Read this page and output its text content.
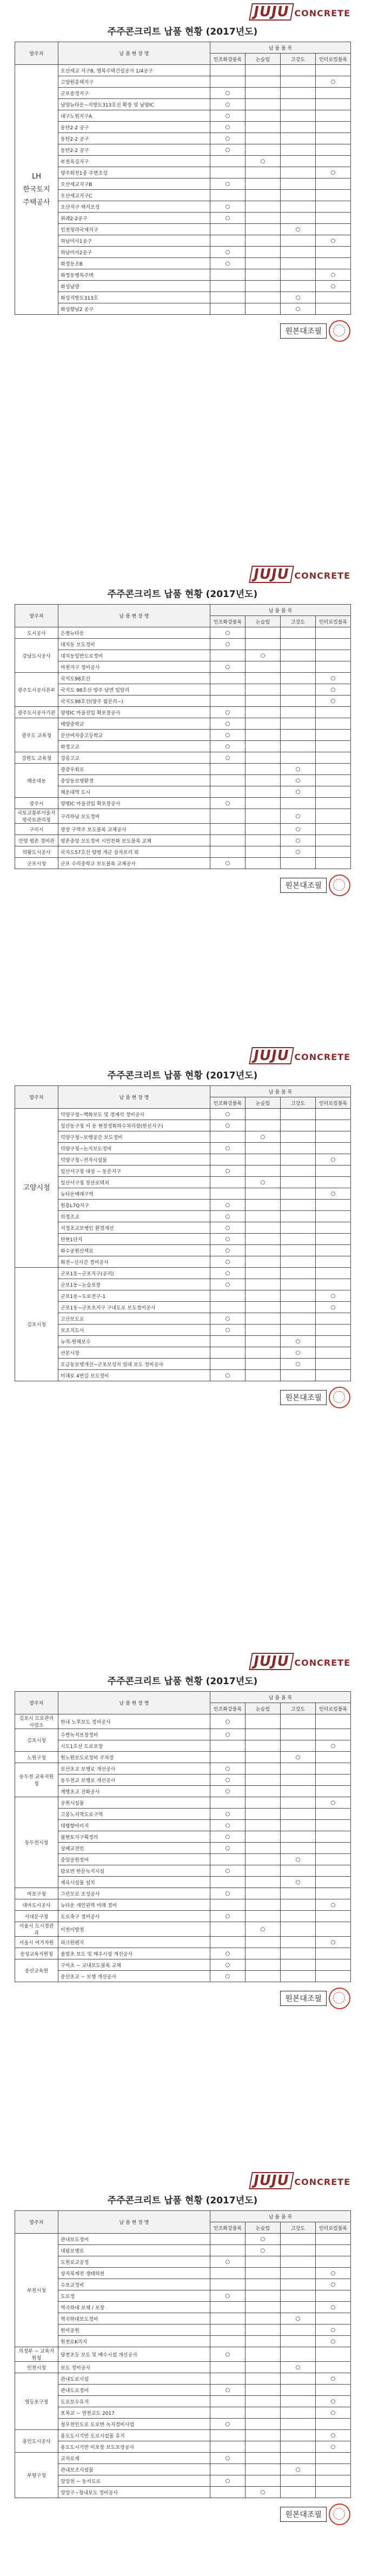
JUJU CONCRETE
주주콘크리트 납품 현황 (2017년도)
발주처	납 품 현 장 명	납 품 품 목			
		인조화강블록	논슬립	고강도	인터로킹블록
LH
한국토지
주택공사	오산세교 지구8, 행복주택건설공사 1/4공구				
	고양원흥택지구				○
	군포송정지구	○			
	남양뉴타운~지방도313호선 확장 및 남양IC	○			
	대구노원지구A	○			
	동탄2-2 공구	○			
	동탄2-2 공구	○			
	동탄2-2 공구	○			
	부천옥길지구		○		
	양주회천1중 주변조성				○
	오산세교지구B	○			
	오산세교지구C				
	오산지구 택지조성	○			
	위례2-2공구	○			
	인천청라국제지구			○	
	하남미사1공구				○
	하남미사2공구	○			
	화정동조B	○			
	화정동행복주택				○
	화성남양				○
	화성지방도313호			○	
	화성향남2 공구			○	
원본대조필
JUJU CONCRETE
주주콘크리트 납품 현황 (2017년도)
발주처	납 품 현 장 명	납 품 품 목			
		인조화강블록	논슬립	고강도	인터로킹블록
도시공사	은평뉴타운	○			
강남도시공사	대치동 보도정비	○			
	대치동일반도로정비		○		
	마천지구 정비공사	○			
광주도시공사본부	국지도98호선				○
	국지도 98호선 양주 남면 입암리				○
	국지도98호선(양주 월문리~)				○
광주도시공사기관	양평IC 마을진입 확포장공사	○			
광주도 교육청	매양중학교	○			
	문산여자중고등학교	○			
	화정고교	○			
강원도 교육청	강릉고교	○			
해운대동	광광우회로			○	
	중앙동보행환경			○	
	해운대역 도시			○	
광주시	양평IC 마을진입 확포장공사	○			
국토교통부서울지방국토관리청	구리하남 보도정비			○	
구리시	광장 구역주 보도블록 교체공사			○	
안양 평촌 경비관	평촌중앙 보도정비 시민친화 보도블록 교체			○	
의왕도시공사	국지도57호선 양평 개군 상자포리 외			○	
군포시청	군포 수리중학교 보도블록 교체공사	○			
원본대조필
JUJU CONCRETE
주주콘크리트 납품 현황 (2017년도)
발주처	납 품 현 장 명	납 품 품 목			
		인조화강블록	논슬립	고강도	인터로킹블록
고양시청	덕양구청~백화보도 및 경계석 정비공사	○			
	일산동구청 어 동 현장정화하수처리장(한선지구)	○			
	덕양구청~보행공간 보도정비		○		
	덕양구청~논지보도정비	○			
	덕양구청~전자시설물				○
	일산서구청 대상 ~ 동문지구	○			
	일산서구청 장산로텍처		○		
	뉴타운예래구역				○
	원흥L7Q지구	○			
	의정조교	○			
	서정초교보행인 환경개선	○			
	탄현1단지	○			
	화수공원산책로	○			
	화전~신사간 정비공사	○			
김포시청	군포1동~군포지구(공리)	○			
	군포1동~논슬포장	○			
	군포1동~도로전구-1				○
	군포1동~군포초지구 구내도로 보도정비공사				○
	고산보도로	○			
	보조지도사	○			
	뉴적-원해보수			○	
	산본시장			○	
	오금동보행개선~군포보성지 일대 보도 정비공사			○	
	미래로 4번길 보도정비	○			
원본대조필
JUJU CONCRETE
주주콘크리트 납품 현황 (2017년도)
발주처	납 품 현 장 명	납 품 품 목			
		인조화강블록	논슬립	고강도	인터로킹블록
김포시 도로관리사업소	한내 노후보도 정비공사	○			
김포시청	수변녹지포장정비	○			
	시도1호선 도로포장				○
노원구청	원노원보도로정비 주차장			○	
동두천 교육지원청	보산초교 보행로 개선공사	○			
	동두천교 보행로 개선공사	○			
	계명초교 진화공사	○			
동두천시청	공원시설물				○
	고봉노지역도로구역	○			
	대형향아이지	○			
	불현토지구획정리	○			
	상패교전인	○			
	중앙공원정비			○	
	탐로번 한문녹지시설	○			
	제옥시설물 설치			○	
마포구청	그린모로 조성공사	○			
대마도시공사	뉴타운 개인권역 미래 정비				○
서대문구청	도로축구 정비공사	○			
서울시 도시경관과	이천이방천		○		
서울시 여가자원	파크원펜지				○
송성교육지원청	솔빛초 보도 및 해수시설 개선공사	○			
송산교육원	구미초 ~ 교내보도블록 교체	○			
	송산초교 ~ 보행 개선공사	○			
원본대조필
JUJU CONCRETE
주주콘크리트 납품 현황 (2017년도)
발주처	납 품 현 장 명	납 품 품 목			
		인조화강블록	논슬립	고강도	인터로킹블록
부천시청	관내보도정비		○		
	대림보행로		○		
	도원로교공정	○			
	상지북계전 생태하천				○
	수포교정비				○
	도로정	○			
	역곡하대 보체 / 포장				○
	역곡하대보도정비			○	
	원미공원				○
	원천로K리지				○
의정부 ~ 교육지원청	당천초등 보도 및 배수시설 개선공사	○			
인천시청	보도 정비공사			○	
영등포구청	관내도로시설				○
	관내도로정비	○			
	도로보수유지				○
	포복교 ~ 연천교도 2017				○
	철우천인도로 도로변 녹지정비사업	○			
용인도시공사	용도도시기반 도로시설물 유지				○
	용도도시기반 미포장 보도포장공사				○
부평구청	교차로제	○			
	관내보조시설물			○	
	앙앙천 ~ 동서도로	○			
	앙앙구~청내보도 정비공사		○		
원본대조필
